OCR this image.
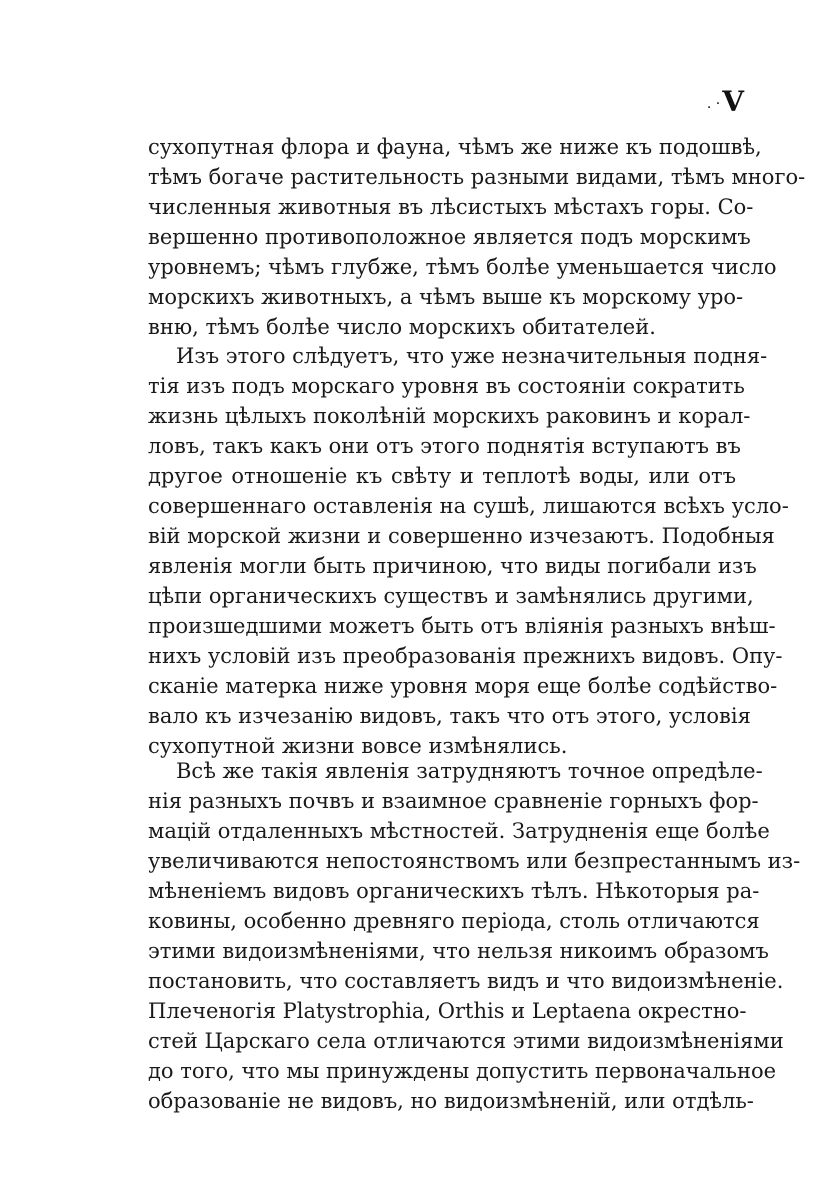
. ·V
сухопутная флора и фауна, чѣмъ же ниже къ подошвѣ,
тѣмъ богаче растительность разными видами, тѣмъ много-
численныя животныя въ лѣсистыхъ мѣстахъ горы. Со-
вершенно противоположное является подъ морскимъ
уровнемъ; чѣмъ глубже, тѣмъ болѣе уменьшается число
морскихъ животныхъ, а чѣмъ выше къ морскому уро-
вню, тѣмъ болѣе число морскихъ обитателей.
Изъ этого слѣдуетъ, что уже незначительныя подня-
тія изъ подъ морскаго уровня въ состояніи сократить
жизнь цѣлыхъ поколѣній морскихъ раковинъ и корал-
ловъ, такъ какъ они отъ этого поднятія вступаютъ въ
другое отношеніе къ свѣту и теплотѣ воды, или отъ
совершеннаго оставленія на сушѣ, лишаются всѣхъ усло-
вій морской жизни и совершенно изчезаютъ. Подобныя
явленія могли быть причиною, что виды погибали изъ
цѣпи органическихъ существъ и замѣнялись другими,
произшедшими можетъ быть отъ вліянія разныхъ внѣш-
нихъ условій изъ преобразованія прежнихъ видовъ. Опу-
сканіе матерка ниже уровня моря еще болѣе содѣйство-
вало къ изчезанію видовъ, такъ что отъ этого, условія
сухопутной жизни вовсе измѣнялись.
Всѣ же такія явленія затрудняютъ точное опредѣле-
нія разныхъ почвъ и взаимное сравненіе горныхъ фор-
мацій отдаленныхъ мѣстностей. Затрудненія еще болѣе
увеличиваются непостоянствомъ или безпрестаннымъ из-
мѣненіемъ видовъ органическихъ тѣлъ. Нѣкоторыя ра-
ковины, особенно древняго періода, столь отличаются
этими видоизмѣненіями, что нельзя никоимъ образомъ
постановить, что составляетъ видъ и что видоизмѣненіе.
Плеченогія Platystrophia, Orthis и Leptaena окрестно-
стей Царскаго села отличаются этими видоизмѣненіями
до того, что мы принуждены допустить первоначальное
образованіе не видовъ, но видоизмѣненій, или отдѣль-
